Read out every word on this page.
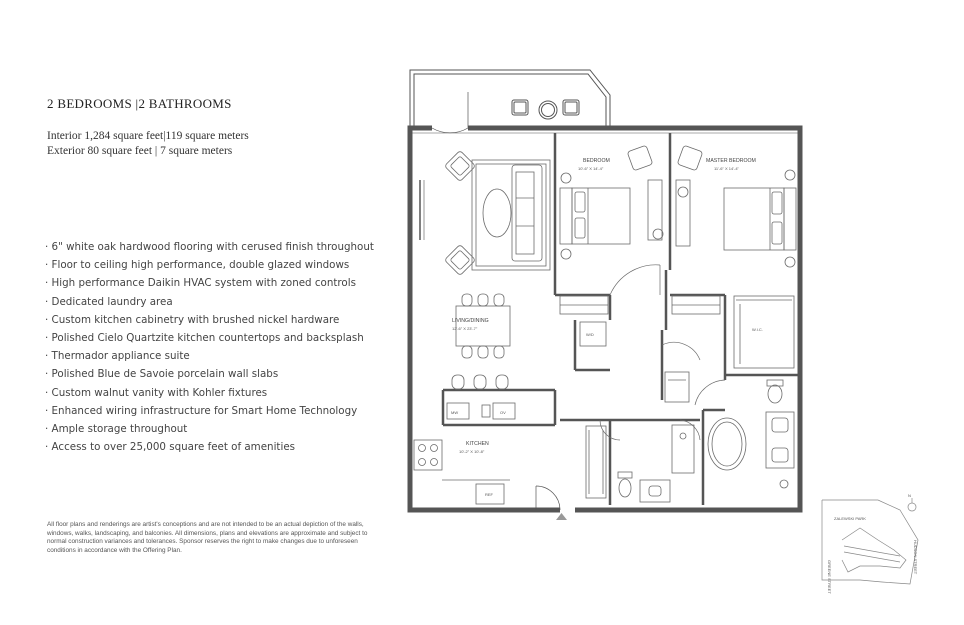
2 BEDROOMS |2 BATHROOMS
Interior 1,284 square feet|119 square meters
Exterior 80 square feet | 7 square meters
· 6" white oak hardwood flooring with cerused finish throughout
· Floor to ceiling high performance, double glazed windows
· High performance Daikin HVAC system with zoned controls
· Dedicated laundry area
· Custom kitchen cabinetry with brushed nickel hardware
· Polished Cielo Quartzite kitchen countertops and backsplash
· Thermador appliance suite
· Polished Blue de Savoie porcelain wall slabs
· Custom walnut vanity with Kohler fixtures
· Enhanced wiring infrastructure for Smart Home Technology
· Ample storage throughout
· Access to over 25,000 square feet of amenities
All floor plans and renderings are artist's conceptions and are not intended to be an actual depiction of the walls, windows, walks, landscaping, and balconies. All dimensions, plans and elevations are approximate and subject to normal construction variances and tolerances. Sponsor reserves the right to make changes due to unforeseen conditions in accordance with the Offering Plan.
LIVING/DINING
12'-6" X 23'-7"
MW	OV
REF
KITCHEN
10'-2" X 10'-8"
BEDROOM
10'-6" X 14'-4"
W/D
MASTER BEDROOM
11'-6" X 14'-4"
W.I.C.
N
ZALEWSKI PARK
GREENE STREET
HUDSON STREET
